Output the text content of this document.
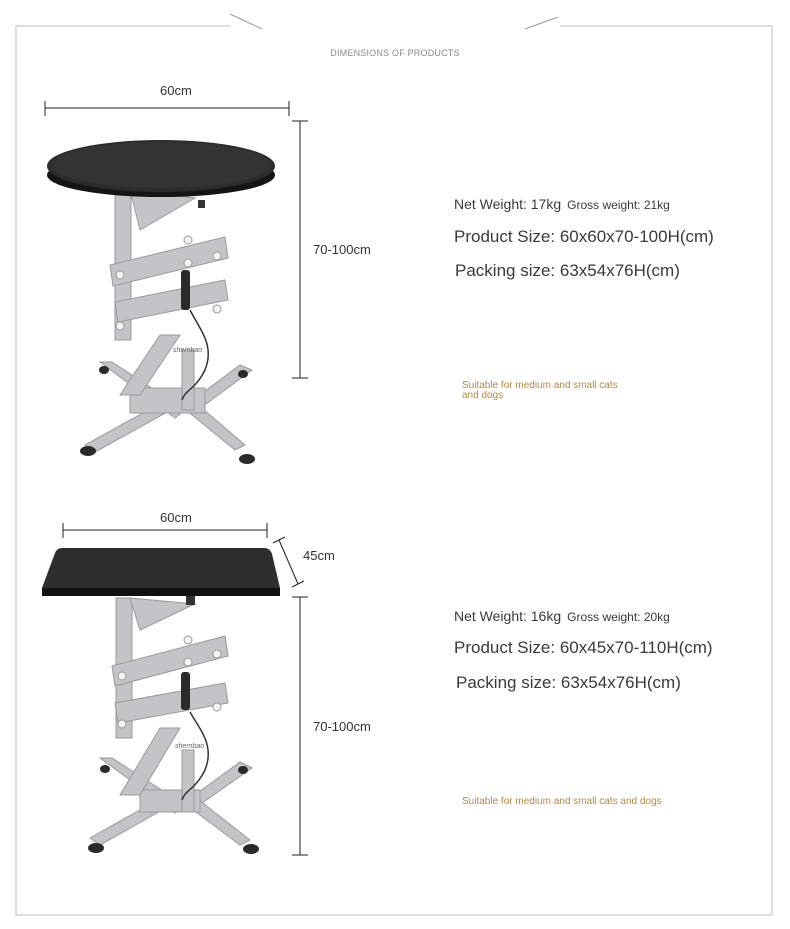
DIMENSIONS OF PRODUCTS
shernbao
60cm
70-100cm
Net Weight: 17kg Gross weight: 21kg
Product Size: 60x60x70-100H(cm)
Packing size: 63x54x76H(cm)
Suitable for medium and small cats
and dogs
shernbao
60cm
45cm
70-100cm
Net Weight: 16kg Gross weight: 20kg
Product Size: 60x45x70-110H(cm)
Packing size: 63x54x76H(cm)
Suitable for medium and small cats and dogs
